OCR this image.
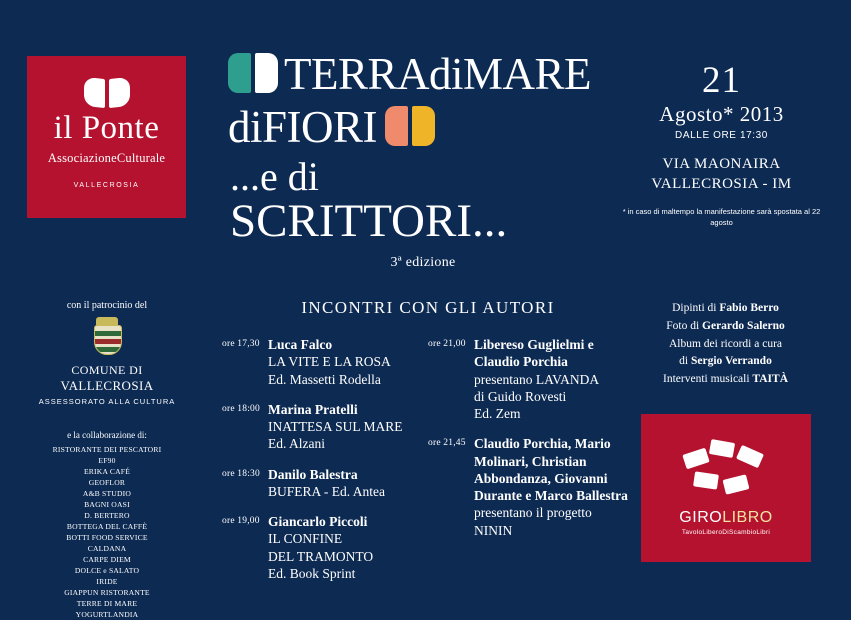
il Ponte
AssociazioneCulturale
VALLECROSIA
TERRAdiMARE
diFIORI
...e di
SCRITTORI...
3ª edizione
21
Agosto* 2013
DALLE ORE 17:30
VIA MAONAIRA
VALLECROSIA - IM
* in caso di maltempo la manifestazione sarà spostata al 22 agosto
con il patrocinio del
COMUNE DI
VALLECROSIA
ASSESSORATO ALLA CULTURA
e la collaborazione di:
RISTORANTE DEI PESCATORI
EF90
ERIKA CAFÉ
GEOFLOR
A&B STUDIO
BAGNI OASI
D. BERTERO
BOTTEGA DEL CAFFÈ
BOTTI FOOD SERVICE
CALDANA
CARPE DIEM
DOLCE e SALATO
IRIDE
GIAPPUN RISTORANTE
TERRE DI MARE
YOGURTLANDIA
INCONTRI CON GLI AUTORI
ore 17,30 Luca Falco
LA VITE E LA ROSA
Ed. Massetti Rodella
ore 18:00 Marina Pratelli
INATTESA SUL MARE
Ed. Alzani
ore 18:30 Danilo Balestra
BUFERA - Ed. Antea
ore 19,00 Giancarlo Piccoli
IL CONFINE
DEL TRAMONTO
Ed. Book Sprint
ore 21,00 Libereso Guglielmi e Claudio Porchia
presentano LAVANDA
di Guido Rovesti
Ed. Zem
ore 21,45 Claudio Porchia, Mario Molinari, Christian Abbondanza, Giovanni Durante e Marco Ballestra
presentano il progetto
NININ
Dipinti di Fabio Berro
Foto di Gerardo Salerno
Album dei ricordi a cura
di Sergio Verrando
Interventi musicali TAITÀ
GIROLIBRO
TavoloLiberoDiScambioLibri
